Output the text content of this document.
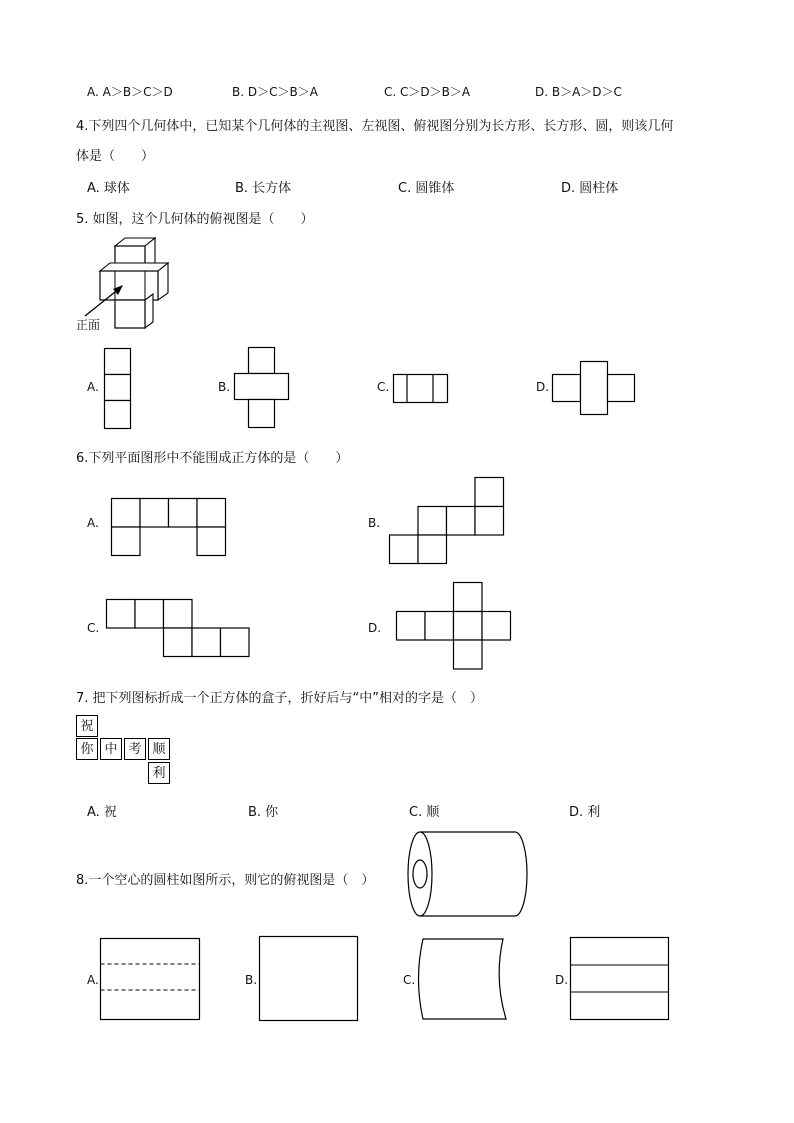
A. A＞B＞C＞D	B. D＞C＞B＞A	C. C＞D＞B＞A	D. B＞A＞D＞C
4.下列四个几何体中，已知某个几何体的主视图、左视图、俯视图分别为长方形、长方形、圆，则该几何
体是（　　）
A. 球体	B. 长方体	C. 圆锥体	D. 圆柱体
5. 如图，这个几何体的俯视图是（　　）
正面
A.	B.	C.	D.
6.下列平面图形中不能围成正方体的是（　　）
A.	B.
C.	D.
7. 把下列图标折成一个正方体的盒子，折好后与“中”相对的字是（　）
祝
你 中 考 顺
利
A. 祝	B. 你	C. 顺	D. 利
8.一个空心的圆柱如图所示，则它的俯视图是（　）
A.	B.	C.	D.
